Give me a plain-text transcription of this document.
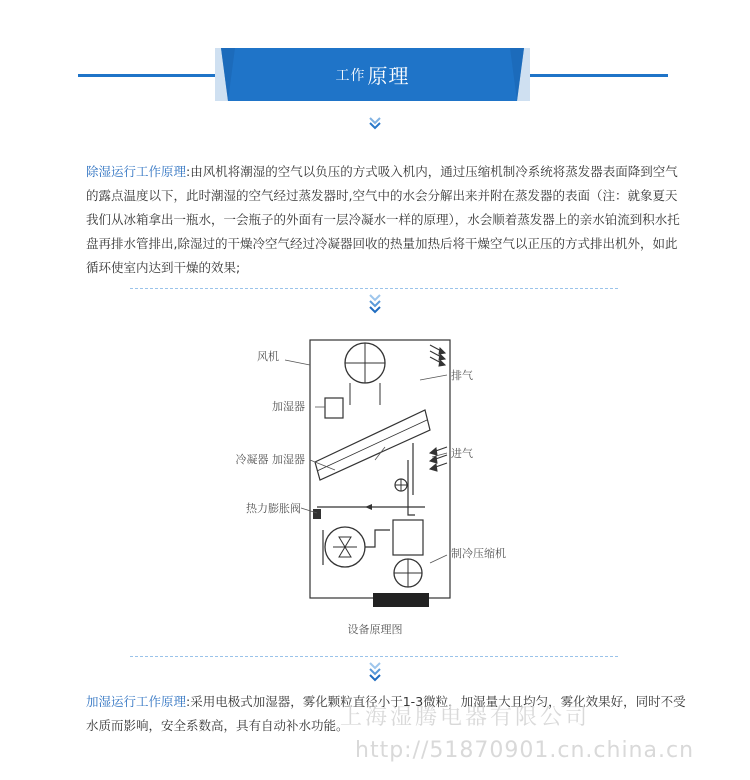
工作 原理
除湿运行工作原理:由风机将潮湿的空气以负压的方式吸入机内，通过压缩机制冷系统将蒸发器表面降到空气的露点温度以下，此时潮湿的空气经过蒸发器时,空气中的水会分解出来并附在蒸发器的表面（注：就象夏天我们从冰箱拿出一瓶水，一会瓶子的外面有一层冷凝水一样的原理），水会顺着蒸发器上的亲水铂流到积水托盘再排水管排出,除湿过的干燥冷空气经过冷凝器回收的热量加热后将干燥空气以正压的方式排出机外，如此循环使室内达到干燥的效果;
风机
排气
加湿器
冷凝器 加湿器	进气
热力膨胀阀
制冷压缩机
设备原理图
加湿运行工作原理:采用电极式加湿器，雾化颗粒直径小于1-3微粒，加湿量大且均匀，雾化效果好，同时不受水质而影响，安全系数高，具有自动补水功能。
上海湿腾电器有限公司
http://51870901.cn.china.cn
